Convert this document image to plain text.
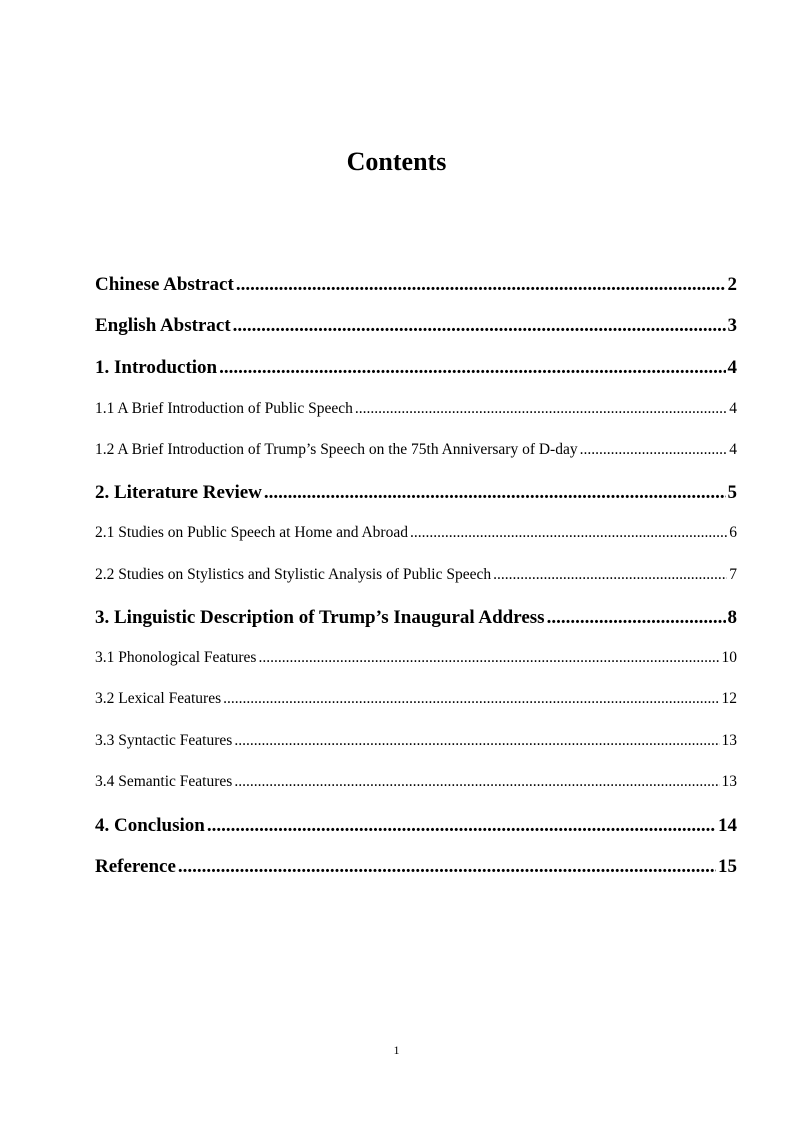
Contents
Chinese Abstract .....	2
English Abstract .....	3
1. Introduction .....	4
1.1 A Brief Introduction of Public Speech .....	4
1.2 A Brief Introduction of Trump’s Speech on the 75th Anniversary of D-day .....	4
2. Literature Review .....	5
2.1 Studies on Public Speech at Home and Abroad .....	6
2.2 Studies on Stylistics and Stylistic Analysis of Public Speech .....	7
3. Linguistic Description of Trump’s Inaugural Address .....	8
3.1 Phonological Features .....	10
3.2 Lexical Features .....	12
3.3 Syntactic Features .....	13
3.4 Semantic Features .....	13
4. Conclusion .....	14
Reference .....	15
1
